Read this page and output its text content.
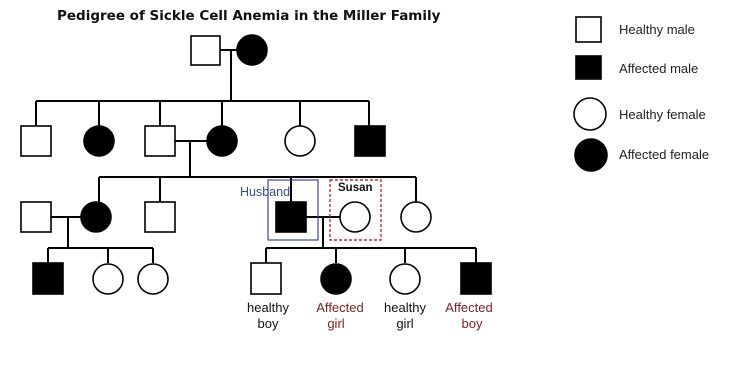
Pedigree of Sickle Cell Anemia in the Miller Family
Husband	Susan
healthy
boy
Affected
girl
healthy
girl
Affected
boy
Healthy male
Affected male
Healthy female
Affected female
